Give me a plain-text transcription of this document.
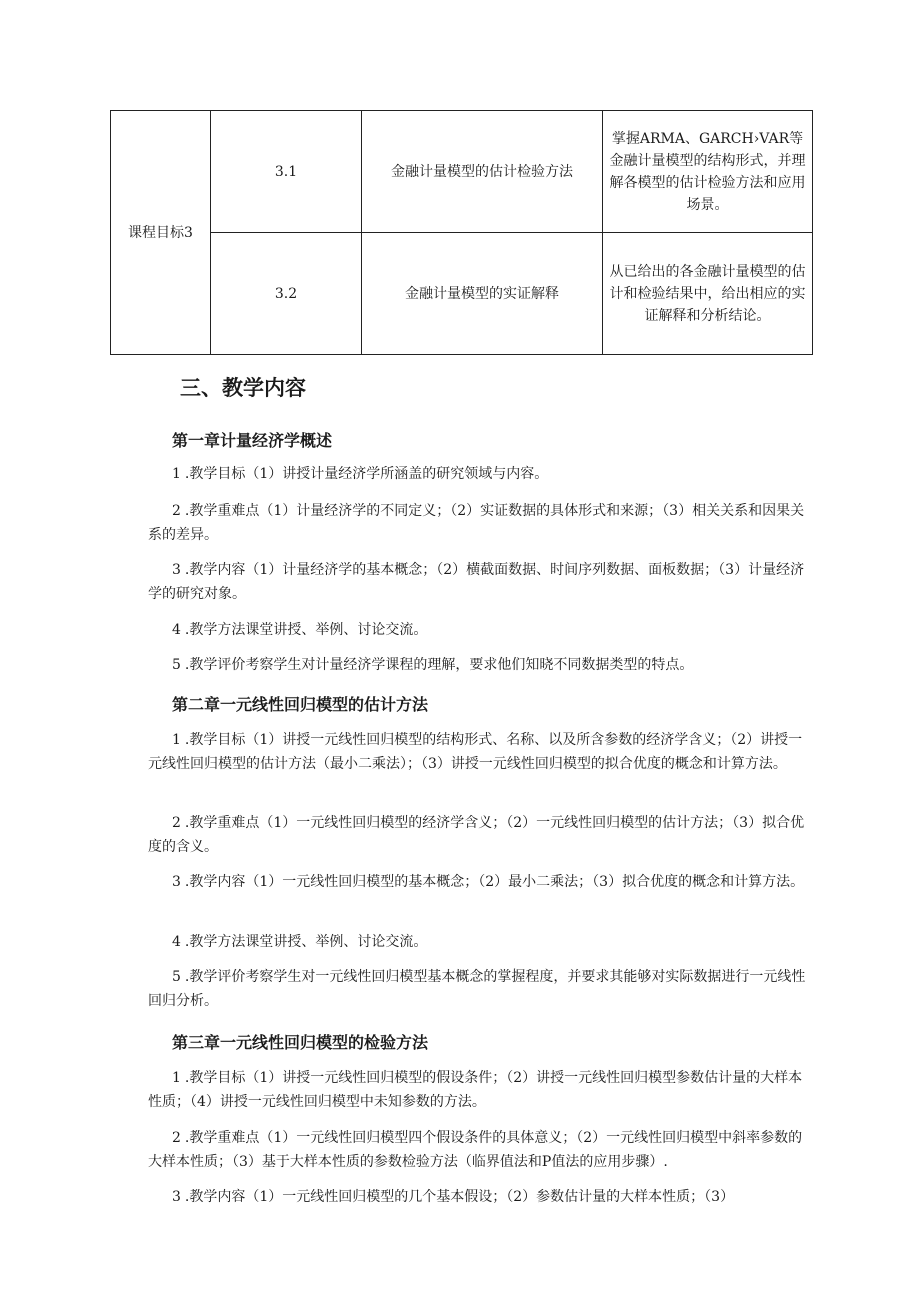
课程目标3	3.1	金融计量模型的估计检验方法	掌握ARMA、GARCH›VAR等金融计量模型的结构形式，并理解各模型的估计检验方法和应用场景。
	3.2	金融计量模型的实证解释	从已给出的各金融计量模型的估计和检验结果中，给出相应的实证解释和分析结论。
三、教学内容
第一章计量经济学概述

1 .教学目标（1）讲授计量经济学所涵盖的研究领域与内容。

2 .教学重难点（1）计量经济学的不同定义；（2）实证数据的具体形式和来源；（3）相关关系和因果关系的差异。

3 .教学内容（1）计量经济学的基本概念；（2）横截面数据、时间序列数据、面板数据；（3）计量经济学的研究对象。

4 .教学方法课堂讲授、举例、讨论交流。

5 .教学评价考察学生对计量经济学课程的理解，要求他们知晓不同数据类型的特点。

第二章一元线性回归模型的估计方法

1 .教学目标（1）讲授一元线性回归模型的结构形式、名称、以及所含参数的经济学含义；（2）讲授一元线性回归模型的估计方法（最小二乘法）；（3）讲授一元线性回归模型的拟合优度的概念和计算方法。

2 .教学重难点（1）一元线性回归模型的经济学含义；（2）一元线性回归模型的估计方法；（3）拟合优度的含义。

3 .教学内容（1）一元线性回归模型的基本概念；（2）最小二乘法；（3）拟合优度的概念和计算方法。

4 .教学方法课堂讲授、举例、讨论交流。

5 .教学评价考察学生对一元线性回归模型基本概念的掌握程度，并要求其能够对实际数据进行一元线性回归分析。

第三章一元线性回归模型的检验方法

1 .教学目标（1）讲授一元线性回归模型的假设条件；（2）讲授一元线性回归模型参数估计量的大样本性质；（4）讲授一元线性回归模型中未知参数的方法。

2 .教学重难点（1）一元线性回归模型四个假设条件的具体意义；（2）一元线性回归模型中斜率参数的大样本性质；（3）基于大样本性质的参数检验方法（临界值法和P值法的应用步骤）.

3 .教学内容（1）一元线性回归模型的几个基本假设；（2）参数估计量的大样本性质；（3）
